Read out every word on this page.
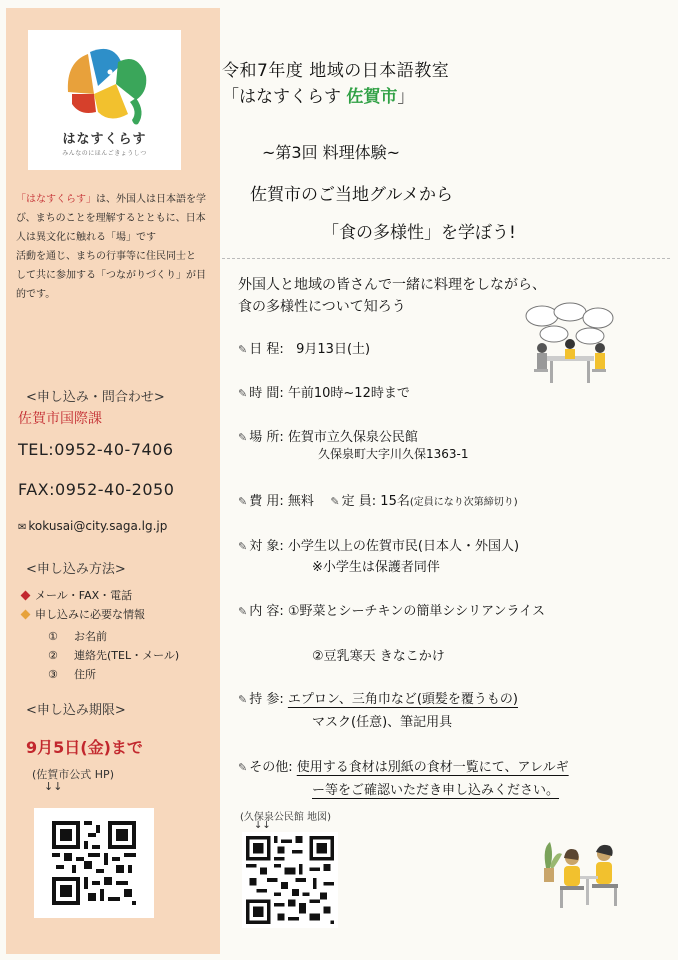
はなすくらす
みんなのにほんごきょうしつ
「はなすくらす」は、外国人は日本語を学
び、まちのことを理解するとともに、日本
人は異文化に触れる「場」です
活動を通じ、まちの行事等に住民同士と
して共に参加する「つながりづくり」が目
的です。
<申し込み・問合わせ>
佐賀市国際課
TEL:0952-40-7406
FAX:0952-40-2050
✉ kokusai@city.saga.lg.jp
<申し込み方法>
メール・FAX・電話
申し込みに必要な情報
① お名前
② 連絡先(TEL・メール)
③ 住所
<申し込み期限>
9月5日(金)まで
(佐賀市公式 HP)
↓↓
令和7年度 地域の日本語教室
「はなすくらす 佐賀市」
~第3回 料理体験~
佐賀市のご当地グルメから
「食の多様性」を学ぼう!
外国人と地域の皆さんで一緒に料理をしながら、
食の多様性について知ろう
✎ 日 程: 9月13日(土)
✎ 時 間: 午前10時~12時まで
✎ 場 所: 佐賀市立久保泉公民館
久保泉町大字川久保1363-1
✎ 費 用: 無料 ✎ 定 員: 15名(定員になり次第締切り)
✎ 対 象: 小学生以上の佐賀市民(日本人・外国人)
※小学生は保護者同伴
✎ 内 容: ①野菜とシーチキンの簡単シシリアンライス
②豆乳寒天 きなこかけ
✎ 持 参: エプロン、三角巾など(頭髪を覆うもの)
マスク(任意)、筆記用具
✎ その他: 使用する食材は別紙の食材一覧にて、アレルギ
ー等をご確認いただき申し込みください。
(久保泉公民館 地図)
↓↓
